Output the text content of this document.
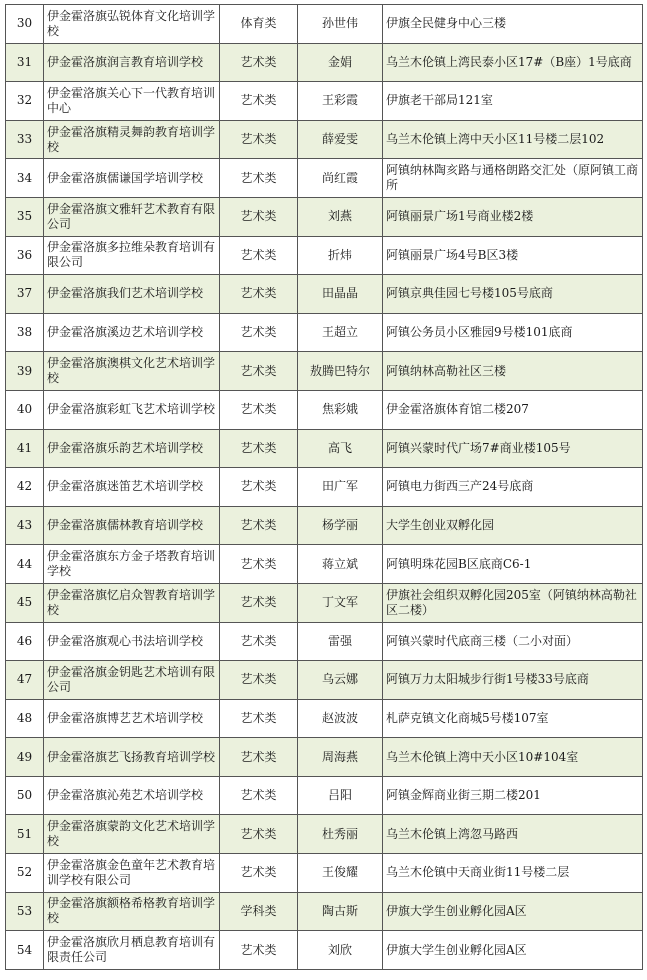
30	伊金霍洛旗弘锐体育文化培训学校	体育类	孙世伟	伊旗全民健身中心三楼
31	伊金霍洛旗润言教育培训学校	艺术类	金娟	乌兰木伦镇上湾民泰小区17#（B座）1号底商
32	伊金霍洛旗关心下一代教育培训中心	艺术类	王彩霞	伊旗老干部局121室
33	伊金霍洛旗精灵舞韵教育培训学校	艺术类	薛爱雯	乌兰木伦镇上湾中天小区11号楼二层102
34	伊金霍洛旗儒谦国学培训学校	艺术类	尚红霞	阿镇纳林陶亥路与通格朗路交汇处（原阿镇工商所
35	伊金霍洛旗文雅轩艺术教育有限公司	艺术类	刘燕	阿镇丽景广场1号商业楼2楼
36	伊金霍洛旗多拉维朵教育培训有限公司	艺术类	折炜	阿镇丽景广场4号B区3楼
37	伊金霍洛旗我们艺术培训学校	艺术类	田晶晶	阿镇京典佳园七号楼105号底商
38	伊金霍洛旗溪边艺术培训学校	艺术类	王超立	阿镇公务员小区雅园9号楼101底商
39	伊金霍洛旗澳棋文化艺术培训学校	艺术类	敖腾巴特尔	阿镇纳林高勒社区三楼
40	伊金霍洛旗彩虹飞艺术培训学校	艺术类	焦彩娥	伊金霍洛旗体育馆二楼207
41	伊金霍洛旗乐韵艺术培训学校	艺术类	高飞	阿镇兴蒙时代广场7#商业楼105号
42	伊金霍洛旗迷笛艺术培训学校	艺术类	田广军	阿镇电力街西三产24号底商
43	伊金霍洛旗儒林教育培训学校	艺术类	杨学丽	大学生创业双孵化园
44	伊金霍洛旗东方金子塔教育培训学校	艺术类	蒋立斌	阿镇明珠花园B区底商C6-1
45	伊金霍洛旗忆启众智教育培训学校	艺术类	丁文军	伊旗社会组织双孵化园205室（阿镇纳林高勒社区二楼）
46	伊金霍洛旗观心书法培训学校	艺术类	雷强	阿镇兴蒙时代底商三楼（二小对面）
47	伊金霍洛旗金钥匙艺术培训有限公司	艺术类	乌云娜	阿镇万力太阳城步行街1号楼33号底商
48	伊金霍洛旗博艺艺术培训学校	艺术类	赵波波	札萨克镇文化商城5号楼107室
49	伊金霍洛旗艺飞扬教育培训学校	艺术类	周海燕	乌兰木伦镇上湾中天小区10#104室
50	伊金霍洛旗沁苑艺术培训学校	艺术类	吕阳	阿镇金辉商业街三期二楼201
51	伊金霍洛旗蒙韵文化艺术培训学校	艺术类	杜秀丽	乌兰木伦镇上湾忽马路西
52	伊金霍洛旗金色童年艺术教育培训学校有限公司	艺术类	王俊耀	乌兰木伦镇中天商业街11号楼二层
53	伊金霍洛旗额格希格教育培训学校	学科类	陶古斯	伊旗大学生创业孵化园A区
54	伊金霍洛旗欣月栖息教育培训有限责任公司	艺术类	刘欣	伊旗大学生创业孵化园A区
